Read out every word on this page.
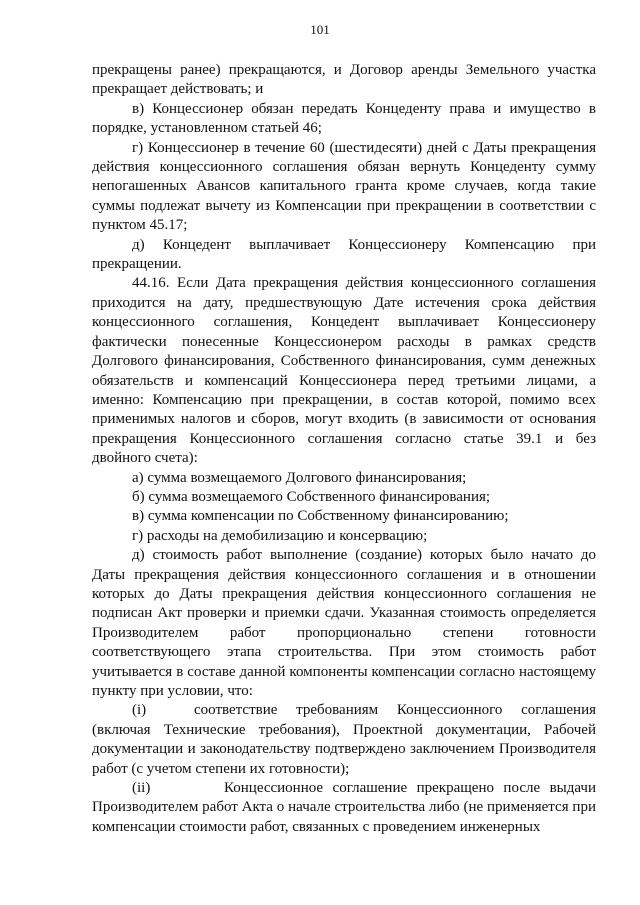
101

прекращены ранее) прекращаются, и Договор аренды Земельного участка прекращает действовать; и

в) Концессионер обязан передать Концеденту права и имущество в порядке, установленном статьей 46;

г) Концессионер в течение 60 (шестидесяти) дней с Даты прекращения действия концессионного соглашения обязан вернуть Концеденту сумму непогашенных Авансов капитального гранта кроме случаев, когда такие суммы подлежат вычету из Компенсации при прекращении в соответствии с пунктом 45.17;

д) Концедент выплачивает Концессионеру Компенсацию при прекращении.

44.16. Если Дата прекращения действия концессионного соглашения приходится на дату, предшествующую Дате истечения срока действия концессионного соглашения, Концедент выплачивает Концессионеру фактически понесенные Концессионером расходы в рамках средств Долгового финансирования, Собственного финансирования, сумм денежных обязательств и компенсаций Концессионера перед третьими лицами, а именно: Компенсацию при прекращении, в состав которой, помимо всех применимых налогов и сборов, могут входить (в зависимости от основания прекращения Концессионного соглашения согласно статье 39.1 и без двойного счета):

а) сумма возмещаемого Долгового финансирования;

б) сумма возмещаемого Собственного финансирования;

в) сумма компенсации по Собственному финансированию;

г) расходы на демобилизацию и консервацию;

д) стоимость работ выполнение (создание) которых было начато до Даты прекращения действия концессионного соглашения и в отношении которых до Даты прекращения действия концессионного соглашения не подписан Акт проверки и приемки сдачи. Указанная стоимость определяется Производителем работ пропорционально степени готовности соответствующего этапа строительства. При этом стоимость работ учитывается в составе данной компоненты компенсации согласно настоящему пункту при условии, что:

(i)	соответствие требованиям Концессионного соглашения (включая Технические требования), Проектной документации, Рабочей документации и законодательству подтверждено заключением Производителя работ (с учетом степени их готовности);

(ii)	Концессионное соглашение прекращено после выдачи Производителем работ Акта о начале строительства либо (не применяется при компенсации стоимости работ, связанных с проведением инженерных
